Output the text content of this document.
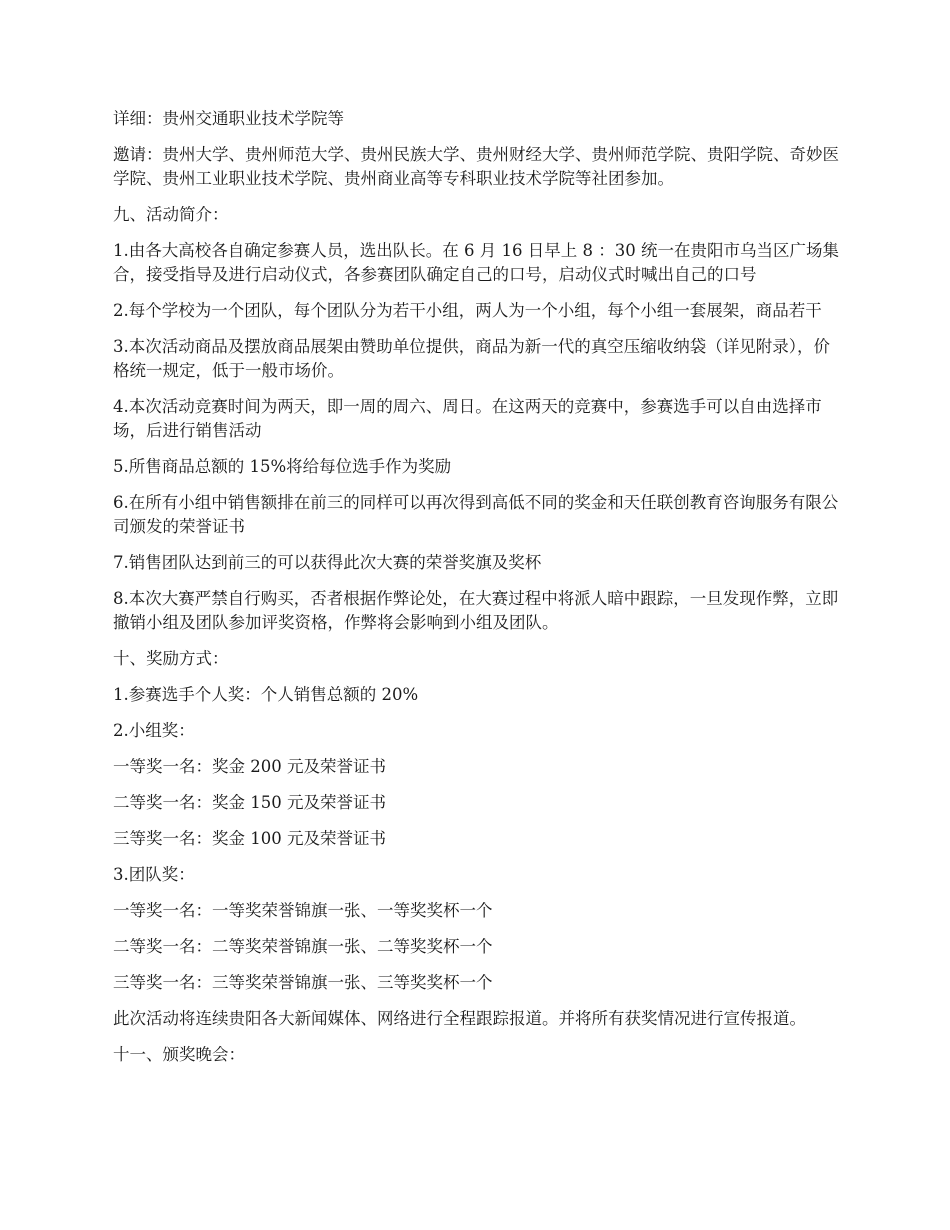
详细：贵州交通职业技术学院等

邀请：贵州大学、贵州师范大学、贵州民族大学、贵州财经大学、贵州师范学院、贵阳学院、奇妙医学院、贵州工业职业技术学院、贵州商业高等专科职业技术学院等社团参加。

九、活动简介：

1.由各大高校各自确定参赛人员，选出队长。在 6 月 16 日早上 8 ：30 统一在贵阳市乌当区广场集合，接受指导及进行启动仪式，各参赛团队确定自己的口号，启动仪式时喊出自己的口号

2.每个学校为一个团队，每个团队分为若干小组，两人为一个小组，每个小组一套展架，商品若干

3.本次活动商品及摆放商品展架由赞助单位提供，商品为新一代的真空压缩收纳袋（详见附录），价格统一规定，低于一般市场价。

4.本次活动竞赛时间为两天，即一周的周六、周日。在这两天的竞赛中，参赛选手可以自由选择市场，后进行销售活动

5.所售商品总额的 15%将给每位选手作为奖励

6.在所有小组中销售额排在前三的同样可以再次得到高低不同的奖金和天任联创教育咨询服务有限公司颁发的荣誉证书

7.销售团队达到前三的可以获得此次大赛的荣誉奖旗及奖杯

8.本次大赛严禁自行购买，否者根据作弊论处，在大赛过程中将派人暗中跟踪，一旦发现作弊，立即撤销小组及团队参加评奖资格，作弊将会影响到小组及团队。

十、奖励方式：

1.参赛选手个人奖：个人销售总额的 20%

2.小组奖：

一等奖一名：奖金 200 元及荣誉证书

二等奖一名：奖金 150 元及荣誉证书

三等奖一名：奖金 100 元及荣誉证书

3.团队奖：

一等奖一名：一等奖荣誉锦旗一张、一等奖奖杯一个

二等奖一名：二等奖荣誉锦旗一张、二等奖奖杯一个

三等奖一名：三等奖荣誉锦旗一张、三等奖奖杯一个

此次活动将连续贵阳各大新闻媒体、网络进行全程跟踪报道。并将所有获奖情况进行宣传报道。

十一、颁奖晚会：
